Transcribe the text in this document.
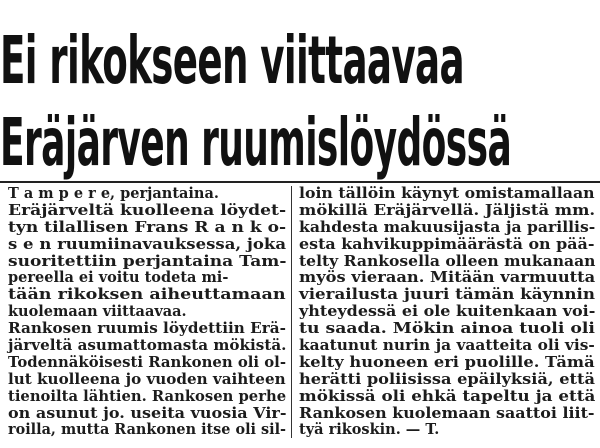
Ei rikokseen viittaavaa
Eräjärven ruumislöydössä
T a m p e r e, perjantaina.
Eräjärveltä kuolleena löydet-
tyn tilallisen Frans R a n k o-
s e n ruumiinavauksessa, joka
suoritettiin perjantaina Tam-
pereella ei voitu todeta mi-
tään rikoksen aiheuttamaan
kuolemaan viittaavaa.
Rankosen ruumis löydettiin Erä-
järveltä asumattomasta mökistä.
Todennäköisesti Rankonen oli ol-
lut kuolleena jo vuoden vaihteen
tienoilta lähtien. Rankosen perhe
on asunut jo. useita vuosia Vir-
roilla, mutta Rankonen itse oli sil-
loin tällöin käynyt omistamallaan
mökillä Eräjärvellä. Jäljistä mm.
kahdesta makuusijasta ja parillis-
esta kahvikuppimäärästä on pää-
telty Rankosella olleen mukanaan
myös vieraan. Mitään varmuutta
vierailusta juuri tämän käynnin
yhteydessä ei ole kuitenkaan voi-
tu saada. Mökin ainoa tuoli oli
kaatunut nurin ja vaatteita oli vis-
kelty huoneen eri puolille. Tämä
herätti poliisissa epäilyksiä, että
mökissä oli ehkä tapeltu ja että
Rankosen kuolemaan saattoi liit-
tyä rikoskin. — T.
